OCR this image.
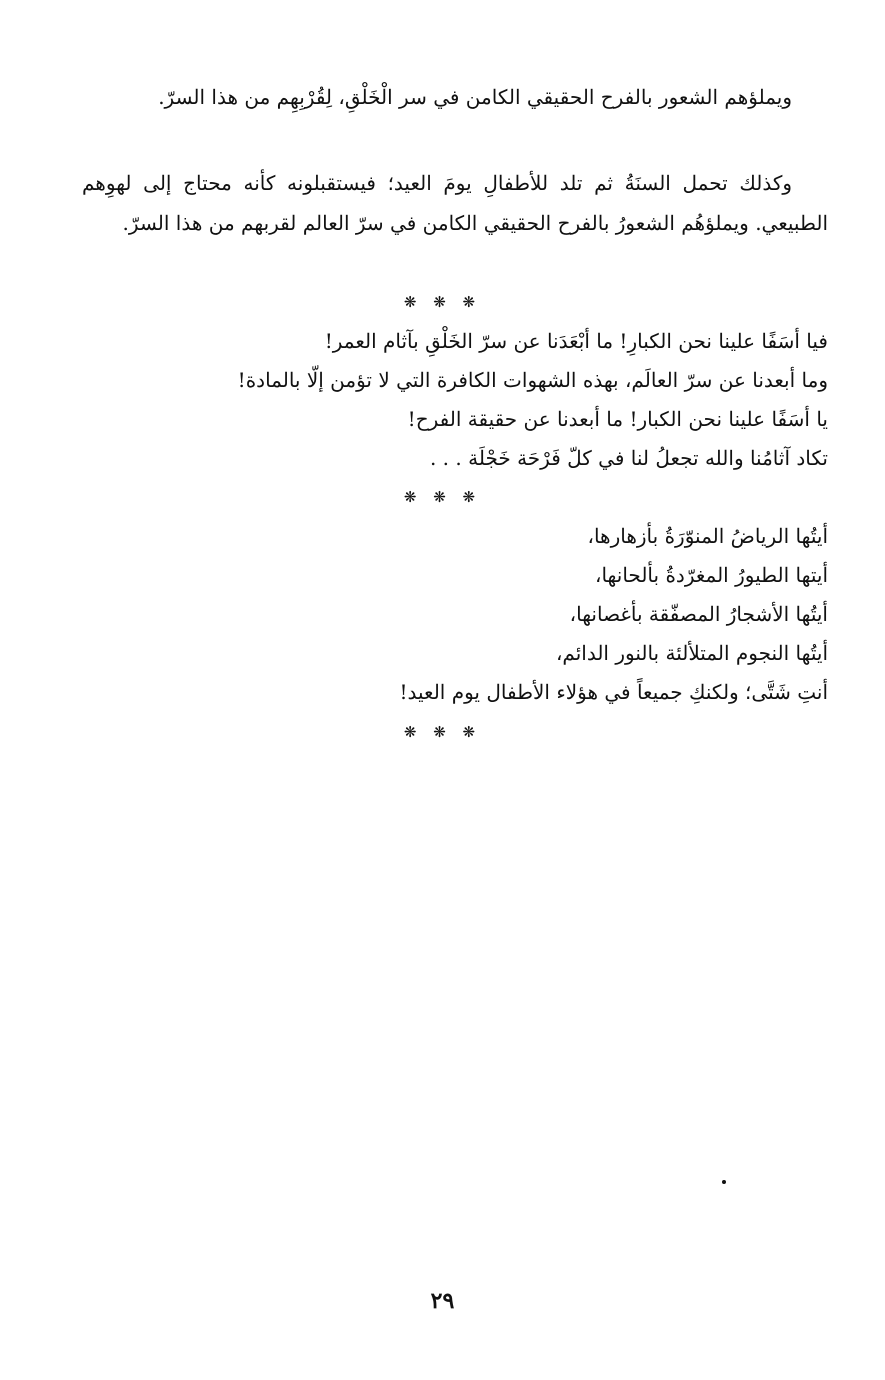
ويملؤهم الشعور بالفرح الحقيقي الكامن في سر الْخَلْقِ، لِقُرْبِهِم من هذا السرّ.

وكذلك تحمل السنَةُ ثم تلد للأطفالِ يومَ العيد؛ فيستقبلونه كأنه محتاج إلى لهوِهم الطبيعي. ويملؤهُم الشعورُ بالفرح الحقيقي الكامن في سرّ العالم لقربهم من هذا السرّ.

❋ ❋ ❋
فيا أسَفًا علينا نحن الكبارِ! ما أبْعَدَنا عن سرّ الخَلْقِ بآثام العمر!
وما أبعدنا عن سرّ العالَم، بهذه الشهوات الكافرة التي لا تؤمن إلّا بالمادة!
يا أسَفًا علينا نحن الكبار! ما أبعدنا عن حقيقة الفرح!
تكاد آثامُنا والله تجعلُ لنا في كلّ فَرْحَة خَجْلَة . . .
❋ ❋ ❋
أيتُها الرياضُ المنوّرَةُ بأزهارها،
أيتها الطيورُ المغرّدةُ بألحانها،
أيتُها الأشجارُ المصفّقة بأغصانها،
أيتُها النجوم المتلألئة بالنور الدائم،
أنتِ شَتَّى؛ ولكنكِ جميعاً في هؤلاء الأطفال يوم العيد!
❋ ❋ ❋
٢٩
